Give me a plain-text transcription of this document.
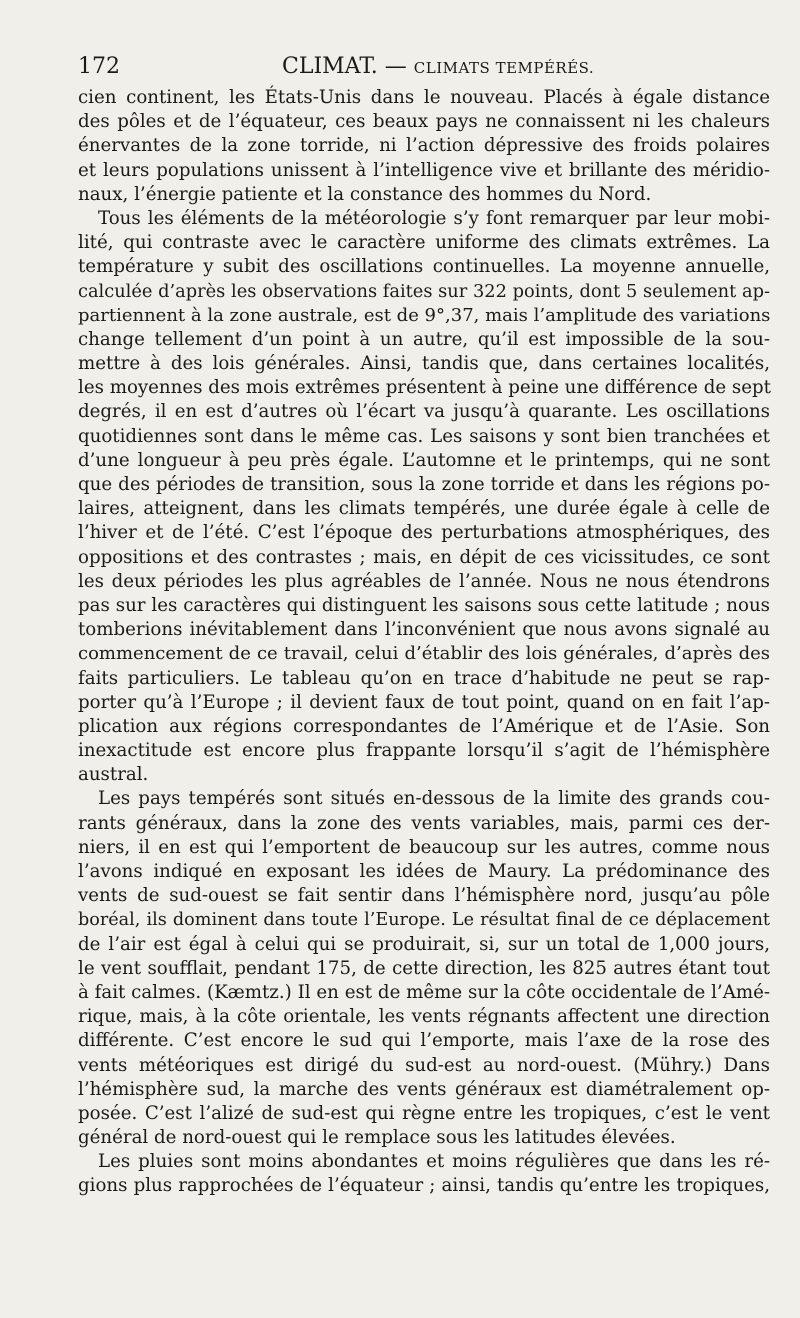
172	CLIMAT. — CLIMATS TEMPÉRÉS.
cien continent, les États-Unis dans le nouveau. Placés à égale distance
des pôles et de l’équateur, ces beaux pays ne connaissent ni les chaleurs
énervantes de la zone torride, ni l’action dépressive des froids polaires
et leurs populations unissent à l’intelligence vive et brillante des méridio-
naux, l’énergie patiente et la constance des hommes du Nord.
Tous les éléments de la météorologie s’y font remarquer par leur mobi-
lité, qui contraste avec le caractère uniforme des climats extrêmes. La
température y subit des oscillations continuelles. La moyenne annuelle,
calculée d’après les observations faites sur 322 points, dont 5 seulement ap-
partiennent à la zone australe, est de 9°,37, mais l’amplitude des variations
change tellement d’un point à un autre, qu’il est impossible de la sou-
mettre à des lois générales. Ainsi, tandis que, dans certaines localités,
les moyennes des mois extrêmes présentent à peine une différence de sept
degrés, il en est d’autres où l’écart va jusqu’à quarante. Les oscillations
quotidiennes sont dans le même cas. Les saisons y sont bien tranchées et
d’une longueur à peu près égale. L’automne et le printemps, qui ne sont
que des périodes de transition, sous la zone torride et dans les régions po-
laires, atteignent, dans les climats tempérés, une durée égale à celle de
l’hiver et de l’été. C’est l’époque des perturbations atmosphériques, des
oppositions et des contrastes ; mais, en dépit de ces vicissitudes, ce sont
les deux périodes les plus agréables de l’année. Nous ne nous étendrons
pas sur les caractères qui distinguent les saisons sous cette latitude ; nous
tomberions inévitablement dans l’inconvénient que nous avons signalé au
commencement de ce travail, celui d’établir des lois générales, d’après des
faits particuliers. Le tableau qu’on en trace d’habitude ne peut se rap-
porter qu’à l’Europe ; il devient faux de tout point, quand on en fait l’ap-
plication aux régions correspondantes de l’Amérique et de l’Asie. Son
inexactitude est encore plus frappante lorsqu’il s’agit de l’hémisphère
austral.
Les pays tempérés sont situés en-dessous de la limite des grands cou-
rants généraux, dans la zone des vents variables, mais, parmi ces der-
niers, il en est qui l’emportent de beaucoup sur les autres, comme nous
l’avons indiqué en exposant les idées de Maury. La prédominance des
vents de sud-ouest se fait sentir dans l’hémisphère nord, jusqu’au pôle
boréal, ils dominent dans toute l’Europe. Le résultat final de ce déplacement
de l’air est égal à celui qui se produirait, si, sur un total de 1,000 jours,
le vent soufflait, pendant 175, de cette direction, les 825 autres étant tout
à fait calmes. (Kæmtz.) Il en est de même sur la côte occidentale de l’Amé-
rique, mais, à la côte orientale, les vents régnants affectent une direction
différente. C’est encore le sud qui l’emporte, mais l’axe de la rose des
vents météoriques est dirigé du sud-est au nord-ouest. (Mühry.) Dans
l’hémisphère sud, la marche des vents généraux est diamétralement op-
posée. C’est l’alizé de sud-est qui règne entre les tropiques, c’est le vent
général de nord-ouest qui le remplace sous les latitudes élevées.
Les pluies sont moins abondantes et moins régulières que dans les ré-
gions plus rapprochées de l’équateur ; ainsi, tandis qu’entre les tropiques,
